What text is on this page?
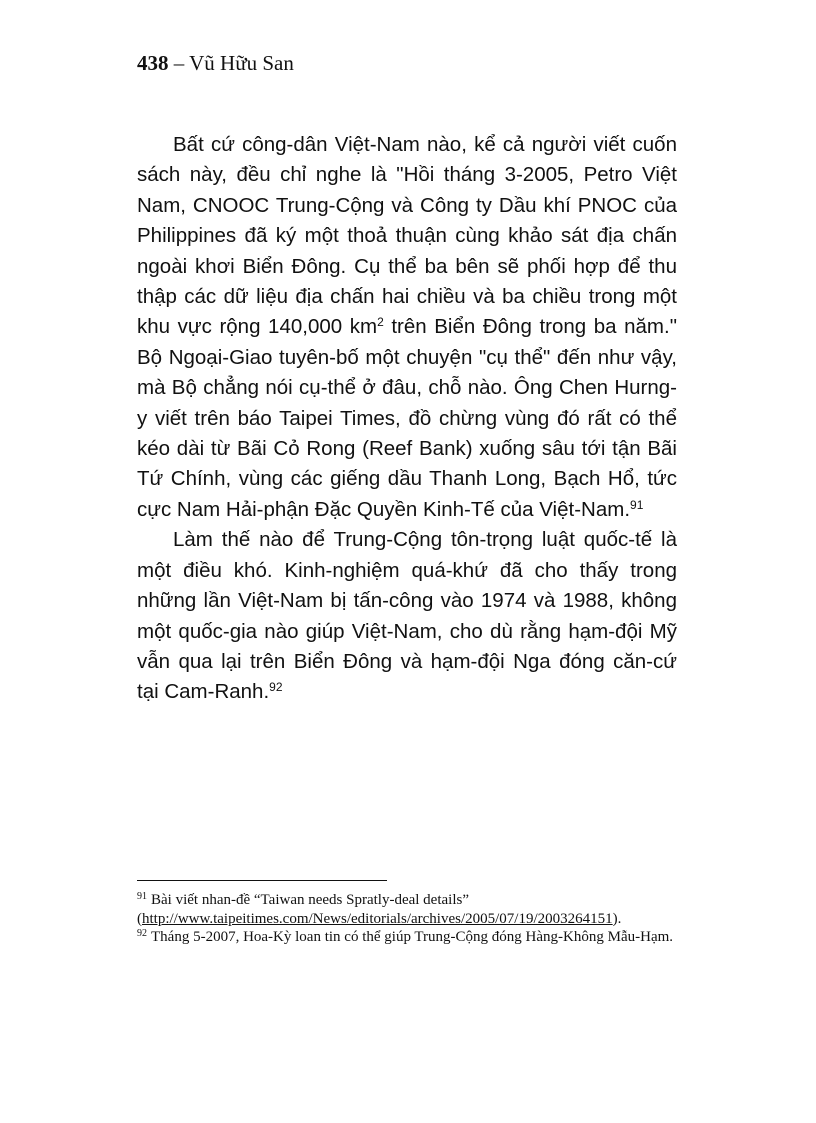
438 – Vũ Hữu San

Bất cứ công-dân Việt-Nam nào, kể cả người viết cuốn sách này, đều chỉ nghe là "Hồi tháng 3-2005, Petro Việt Nam, CNOOC Trung-Cộng và Công ty Dầu khí PNOC của Philippines đã ký một thoả thuận cùng khảo sát địa chấn ngoài khơi Biển Đông. Cụ thể ba bên sẽ phối hợp để thu thập các dữ liệu địa chấn hai chiều và ba chiều trong một khu vực rộng 140,000 $km^2$ trên Biển Đông trong ba năm." Bộ Ngoại-Giao tuyên-bố một chuyện "cụ thể" đến như vậy, mà Bộ chẳng nói cụ-thể ở đâu, chỗ nào. Ông Chen Hurng-y viết trên báo Taipei Times, đồ chừng vùng đó rất có thể kéo dài từ Bãi Cỏ Rong (Reef Bank) xuống sâu tới tận Bãi Tứ Chính, vùng các giếng dầu Thanh Long, Bạch Hổ, tức cực Nam Hải-phận Đặc Quyền Kinh-Tế của Việt-Nam.$^{91}$

Làm thế nào để Trung-Cộng tôn-trọng luật quốc-tế là một điều khó. Kinh-nghiệm quá-khứ đã cho thấy trong những lần Việt-Nam bị tấn-công vào 1974 và 1988, không một quốc-gia nào giúp Việt-Nam, cho dù rằng hạm-đội Mỹ vẫn qua lại trên Biển Đông và hạm-đội Nga đóng căn-cứ tại Cam-Ranh.$^{92}$

$^{91}$ Bài viết nhan-đề “Taiwan needs Spratly-deal details”
(http://www.taipeitimes.com/News/editorials/archives/2005/07/19/2003264151).

$^{92}$ Tháng 5-2007, Hoa-Kỳ loan tin có thể giúp Trung-Cộng đóng Hàng-Không Mẫu-Hạm.
